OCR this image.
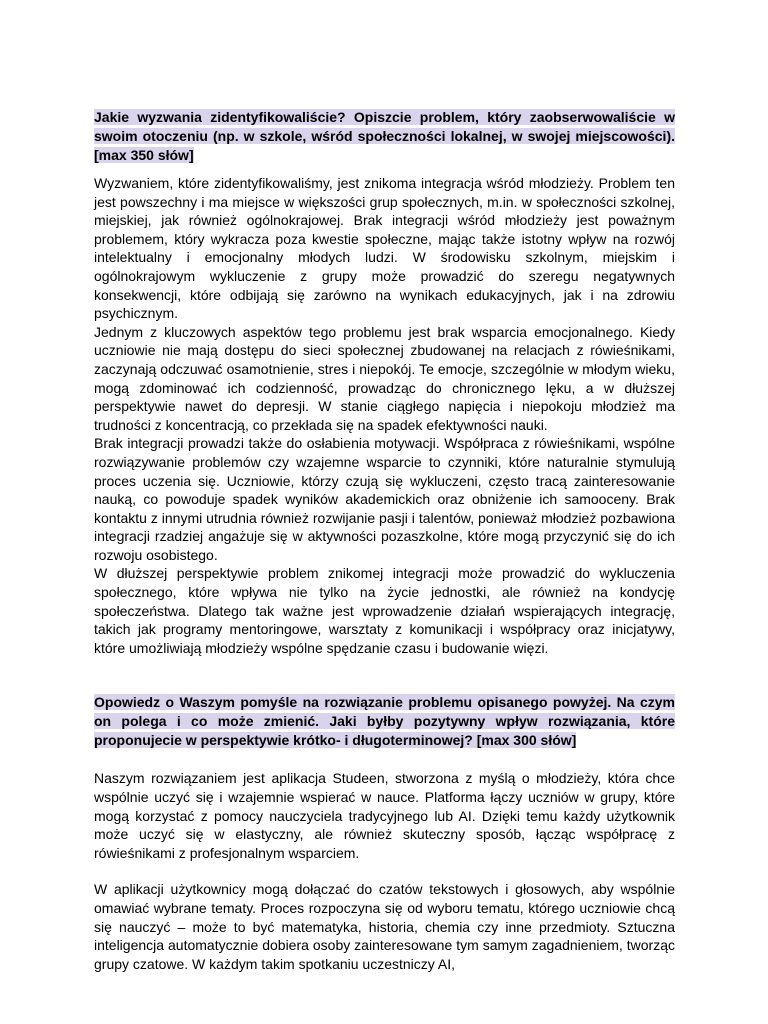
Jakie wyzwania zidentyfikowaliście? Opiszcie problem, który zaobserwowaliście w swoim otoczeniu (np. w szkole, wśród społeczności lokalnej, w swojej miejscowości). [max 350 słów]

Wyzwaniem, które zidentyfikowaliśmy, jest znikoma integracja wśród młodzieży. Problem ten jest powszechny i ma miejsce w większości grup społecznych, m.in. w społeczności szkolnej, miejskiej, jak również ogólnokrajowej. Brak integracji wśród młodzieży jest poważnym problemem, który wykracza poza kwestie społeczne, mając także istotny wpływ na rozwój intelektualny i emocjonalny młodych ludzi. W środowisku szkolnym, miejskim i ogólnokrajowym wykluczenie z grupy może prowadzić do szeregu negatywnych konsekwencji, które odbijają się zarówno na wynikach edukacyjnych, jak i na zdrowiu psychicznym.

Jednym z kluczowych aspektów tego problemu jest brak wsparcia emocjonalnego. Kiedy uczniowie nie mają dostępu do sieci społecznej zbudowanej na relacjach z rówieśnikami, zaczynają odczuwać osamotnienie, stres i niepokój. Te emocje, szczególnie w młodym wieku, mogą zdominować ich codzienność, prowadząc do chronicznego lęku, a w dłuższej perspektywie nawet do depresji. W stanie ciągłego napięcia i niepokoju młodzież ma trudności z koncentracją, co przekłada się na spadek efektywności nauki.

Brak integracji prowadzi także do osłabienia motywacji. Współpraca z rówieśnikami, wspólne rozwiązywanie problemów czy wzajemne wsparcie to czynniki, które naturalnie stymulują proces uczenia się. Uczniowie, którzy czują się wykluczeni, często tracą zainteresowanie nauką, co powoduje spadek wyników akademickich oraz obniżenie ich samooceny. Brak kontaktu z innymi utrudnia również rozwijanie pasji i talentów, ponieważ młodzież pozbawiona integracji rzadziej angażuje się w aktywności pozaszkolne, które mogą przyczynić się do ich rozwoju osobistego.

W dłuższej perspektywie problem znikomej integracji może prowadzić do wykluczenia społecznego, które wpływa nie tylko na życie jednostki, ale również na kondycję społeczeństwa. Dlatego tak ważne jest wprowadzenie działań wspierających integrację, takich jak programy mentoringowe, warsztaty z komunikacji i współpracy oraz inicjatywy, które umożliwiają młodzieży wspólne spędzanie czasu i budowanie więzi.

Opowiedz o Waszym pomyśle na rozwiązanie problemu opisanego powyżej. Na czym on polega i co może zmienić. Jaki byłby pozytywny wpływ rozwiązania, które proponujecie w perspektywie krótko- i długoterminowej? [max 300 słów]

Naszym rozwiązaniem jest aplikacja Studeen, stworzona z myślą o młodzieży, która chce wspólnie uczyć się i wzajemnie wspierać w nauce. Platforma łączy uczniów w grupy, które mogą korzystać z pomocy nauczyciela tradycyjnego lub AI. Dzięki temu każdy użytkownik może uczyć się w elastyczny, ale również skuteczny sposób, łącząc współpracę z rówieśnikami z profesjonalnym wsparciem.

W aplikacji użytkownicy mogą dołączać do czatów tekstowych i głosowych, aby wspólnie omawiać wybrane tematy. Proces rozpoczyna się od wyboru tematu, którego uczniowie chcą się nauczyć – może to być matematyka, historia, chemia czy inne przedmioty. Sztuczna inteligencja automatycznie dobiera osoby zainteresowane tym samym zagadnieniem, tworząc grupy czatowe. W każdym takim spotkaniu uczestniczy AI,
